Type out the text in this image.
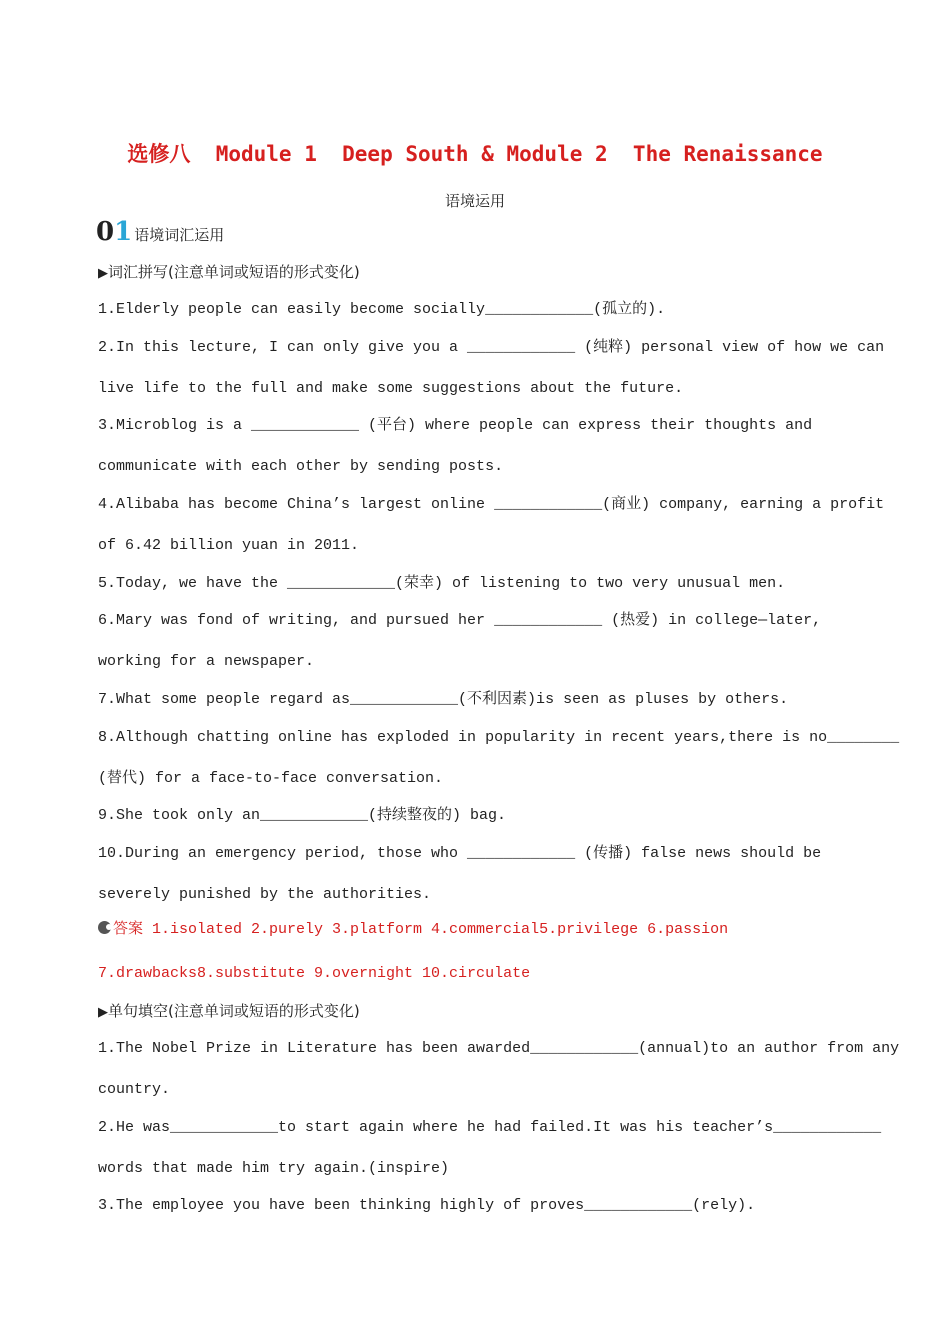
选修八  Module 1  Deep South & Module 2  The Renaissance
语境运用
01 语境词汇运用
▶词汇拼写(注意单词或短语的形式变化)
1.Elderly people can easily become socially____________(孤立的).
2.In this lecture, I can only give you a ____________ (纯粹) personal view of how we can
live life to the full and make some suggestions about the future.
3.Microblog is a ____________ (平台) where people can express their thoughts and
communicate with each other by sending posts.
4.Alibaba has become China’s largest online ____________(商业) company, earning a profit
of 6.42 billion yuan in 2011.
5.Today, we have the ____________(荣幸) of listening to two very unusual men.
6.Mary was fond of writing, and pursued her ____________ (热爱) in college—later,
working for a newspaper.
7.What some people regard as____________(不利因素)is seen as pluses by others.
8.Although chatting online has exploded in popularity in recent years,there is no________
(替代) for a face-to-face conversation.
9.She took only an____________(持续整夜的) bag.
10.During an emergency period, those who ____________ (传播) false news should be
severely punished by the authorities.
答案 1.isolated 2.purely 3.platform 4.commercial5.privilege 6.passion
7.drawbacks8.substitute 9.overnight 10.circulate
▶单句填空(注意单词或短语的形式变化)
1.The Nobel Prize in Literature has been awarded____________(annual)to an author from any
country.
2.He was____________to start again where he had failed.It was his teacher’s____________
words that made him try again.(inspire)
3.The employee you have been thinking highly of proves____________(rely).
